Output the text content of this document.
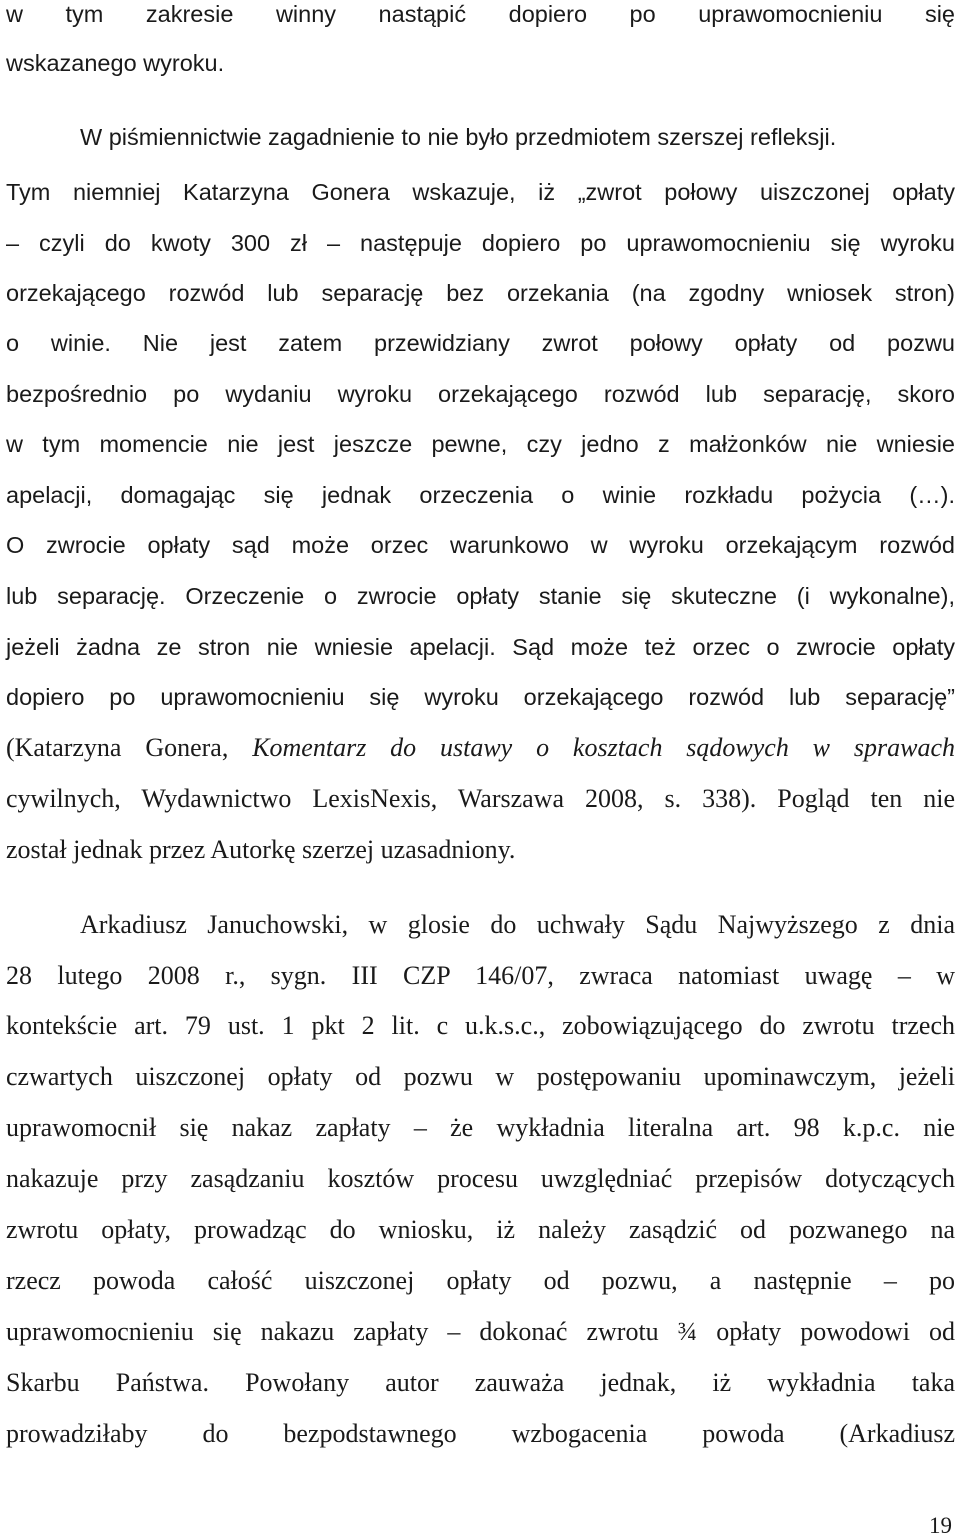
w tym zakresie winny nastąpić dopiero po uprawomocnieniu się
wskazanego wyroku.
W piśmiennictwie zagadnienie to nie było przedmiotem szerszej refleksji.
Tym niemniej Katarzyna Gonera wskazuje, iż „zwrot połowy uiszczonej opłaty
– czyli do kwoty 300 zł – następuje dopiero po uprawomocnieniu się wyroku
orzekającego rozwód lub separację bez orzekania (na zgodny wniosek stron)
o winie. Nie jest zatem przewidziany zwrot połowy opłaty od pozwu
bezpośrednio po wydaniu wyroku orzekającego rozwód lub separację, skoro
w tym momencie nie jest jeszcze pewne, czy jedno z małżonków nie wniesie
apelacji, domagając się jednak orzeczenia o winie rozkładu pożycia (…).
O zwrocie opłaty sąd może orzec warunkowo w wyroku orzekającym rozwód
lub separację. Orzeczenie o zwrocie opłaty stanie się skuteczne (i wykonalne),
jeżeli żadna ze stron nie wniesie apelacji. Sąd może też orzec o zwrocie opłaty
dopiero po uprawomocnieniu się wyroku orzekającego rozwód lub separację”
(Katarzyna Gonera, Komentarz do ustawy o kosztach sądowych w sprawach
cywilnych, Wydawnictwo LexisNexis, Warszawa 2008, s. 338). Pogląd ten nie
został jednak przez Autorkę szerzej uzasadniony.
Arkadiusz Januchowski, w glosie do uchwały Sądu Najwyższego z dnia
28 lutego 2008 r., sygn. III CZP 146/07, zwraca natomiast uwagę – w
kontekście art. 79 ust. 1 pkt 2 lit. c u.k.s.c., zobowiązującego do zwrotu trzech
czwartych uiszczonej opłaty od pozwu w postępowaniu upominawczym, jeżeli
uprawomocnił się nakaz zapłaty – że wykładnia literalna art. 98 k.p.c. nie
nakazuje przy zasądzaniu kosztów procesu uwzględniać przepisów dotyczących
zwrotu opłaty, prowadząc do wniosku, iż należy zasądzić od pozwanego na
rzecz powoda całość uiszczonej opłaty od pozwu, a następnie – po
uprawomocnieniu się nakazu zapłaty – dokonać zwrotu ¾ opłaty powodowi od
Skarbu Państwa. Powołany autor zauważa jednak, iż wykładnia taka
prowadziłaby do bezpodstawnego wzbogacenia powoda (Arkadiusz
19
